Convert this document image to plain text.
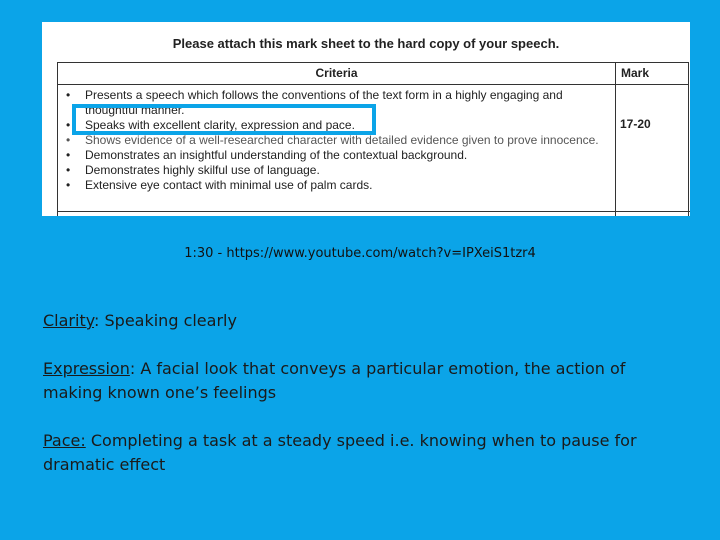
Please attach this mark sheet to the hard copy of your speech.
Criteria	Mark
• Presents a speech which follows the conventions of the text form in a highly engaging and thoughtful manner.
• Speaks with excellent clarity, expression and pace.
• Shows evidence of a well-researched character with detailed evidence given to prove innocence.
• Demonstrates an insightful understanding of the contextual background.
• Demonstrates highly skilful use of language.
• Extensive eye contact with minimal use of palm cards.
17-20
1:30 - https://www.youtube.com/watch?v=IPXeiS1tzr4

Clarity: Speaking clearly

Expression: A facial look that conveys a particular emotion, the action of making known one’s feelings

Pace: Completing a task at a steady speed i.e. knowing when to pause for dramatic effect
